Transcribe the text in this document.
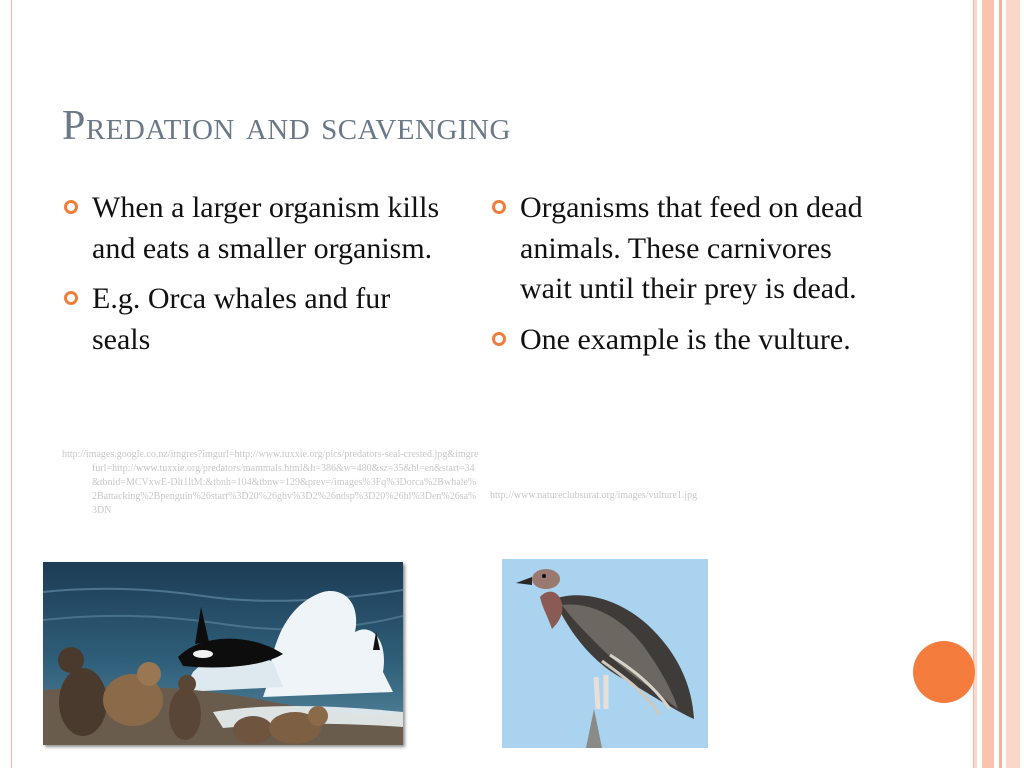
Predation and scavenging
When a larger organism kills and eats a smaller organism.
E.g. Orca whales and fur seals
http://images.google.co.nz/imgres?imgurl=http://www.tuxxie.org/pics/predators-seal-crested.jpg&imgrefurl=http://www.tuxxie.org/predators/mammals.html&h=386&w=480&sz=35&hl=en&start=34&tbnid=MCVxwE-Dlt1ltM:&tbnh=104&tbnw=129&prev=/images%3Fq%3Dorca%2Bwhale%2Battacking%2Bpenguin%26start%3D20%26gbv%3D2%26ndsp%3D20%26hl%3Den%26sa%3DN
Organisms that feed on dead animals. These carnivores wait until their prey is dead.
One example is the vulture.
http://www.natureclubsurat.org/images/vulture1.jpg
